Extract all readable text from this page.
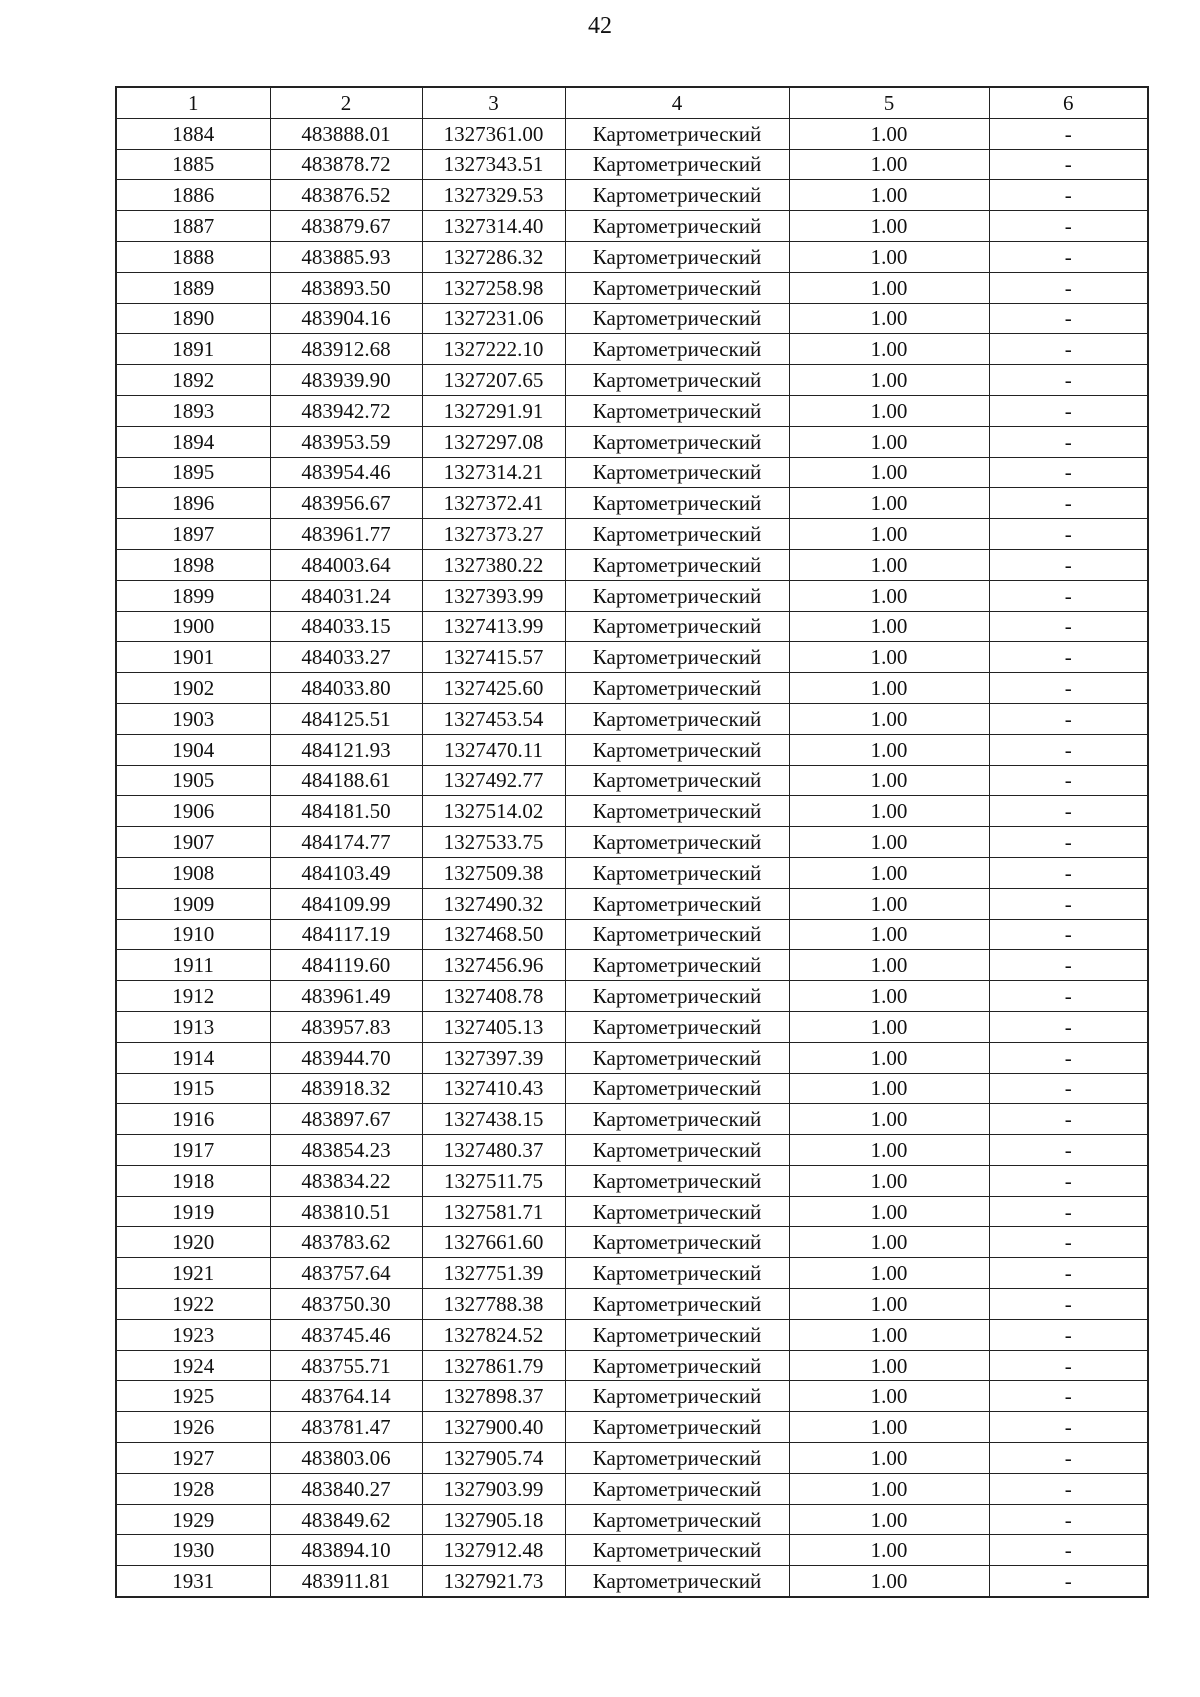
42
1	2	3	4	5	6
1884	483888.01	1327361.00	Картометрический	1.00	-
1885	483878.72	1327343.51	Картометрический	1.00	-
1886	483876.52	1327329.53	Картометрический	1.00	-
1887	483879.67	1327314.40	Картометрический	1.00	-
1888	483885.93	1327286.32	Картометрический	1.00	-
1889	483893.50	1327258.98	Картометрический	1.00	-
1890	483904.16	1327231.06	Картометрический	1.00	-
1891	483912.68	1327222.10	Картометрический	1.00	-
1892	483939.90	1327207.65	Картометрический	1.00	-
1893	483942.72	1327291.91	Картометрический	1.00	-
1894	483953.59	1327297.08	Картометрический	1.00	-
1895	483954.46	1327314.21	Картометрический	1.00	-
1896	483956.67	1327372.41	Картометрический	1.00	-
1897	483961.77	1327373.27	Картометрический	1.00	-
1898	484003.64	1327380.22	Картометрический	1.00	-
1899	484031.24	1327393.99	Картометрический	1.00	-
1900	484033.15	1327413.99	Картометрический	1.00	-
1901	484033.27	1327415.57	Картометрический	1.00	-
1902	484033.80	1327425.60	Картометрический	1.00	-
1903	484125.51	1327453.54	Картометрический	1.00	-
1904	484121.93	1327470.11	Картометрический	1.00	-
1905	484188.61	1327492.77	Картометрический	1.00	-
1906	484181.50	1327514.02	Картометрический	1.00	-
1907	484174.77	1327533.75	Картометрический	1.00	-
1908	484103.49	1327509.38	Картометрический	1.00	-
1909	484109.99	1327490.32	Картометрический	1.00	-
1910	484117.19	1327468.50	Картометрический	1.00	-
1911	484119.60	1327456.96	Картометрический	1.00	-
1912	483961.49	1327408.78	Картометрический	1.00	-
1913	483957.83	1327405.13	Картометрический	1.00	-
1914	483944.70	1327397.39	Картометрический	1.00	-
1915	483918.32	1327410.43	Картометрический	1.00	-
1916	483897.67	1327438.15	Картометрический	1.00	-
1917	483854.23	1327480.37	Картометрический	1.00	-
1918	483834.22	1327511.75	Картометрический	1.00	-
1919	483810.51	1327581.71	Картометрический	1.00	-
1920	483783.62	1327661.60	Картометрический	1.00	-
1921	483757.64	1327751.39	Картометрический	1.00	-
1922	483750.30	1327788.38	Картометрический	1.00	-
1923	483745.46	1327824.52	Картометрический	1.00	-
1924	483755.71	1327861.79	Картометрический	1.00	-
1925	483764.14	1327898.37	Картометрический	1.00	-
1926	483781.47	1327900.40	Картометрический	1.00	-
1927	483803.06	1327905.74	Картометрический	1.00	-
1928	483840.27	1327903.99	Картометрический	1.00	-
1929	483849.62	1327905.18	Картометрический	1.00	-
1930	483894.10	1327912.48	Картометрический	1.00	-
1931	483911.81	1327921.73	Картометрический	1.00	-
